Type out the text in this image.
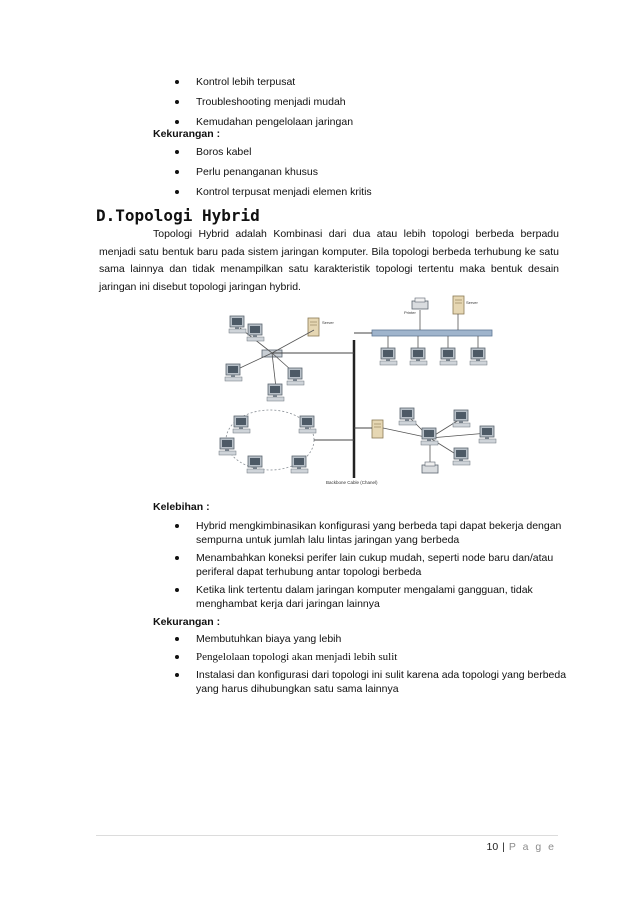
Kontrol lebih terpusat
Troubleshooting menjadi mudah
Kemudahan pengelolaan jaringan
Kekurangan :
Boros kabel
Perlu penanganan khusus
Kontrol terpusat menjadi elemen kritis
D.Topologi Hybrid
Topologi Hybrid adalah Kombinasi dari dua atau lebih topologi berbeda berpadu menjadi satu bentuk baru pada sistem jaringan komputer. Bila topologi berbeda terhubung ke satu sama lainnya dan tidak menampilkan satu karakteristik topologi tertentu maka bentuk desain jaringan ini disebut topologi jaringan hybrid.
Backbone Cable (Chanel)
Printer
Server
Server
Kelebihan :
Hybrid mengkimbinasikan konfigurasi yang berbeda tapi dapat bekerja dengan sempurna untuk jumlah lalu lintas jaringan yang berbeda
Menambahkan koneksi perifer lain cukup mudah, seperti node baru dan/atau periferal dapat terhubung antar topologi berbeda
Ketika link tertentu dalam jaringan komputer mengalami gangguan, tidak menghambat kerja dari jaringan lainnya
Kekurangan :
Membutuhkan biaya yang lebih
Pengelolaan topologi akan menjadi lebih sulit
Instalasi dan konfigurasi dari topologi ini sulit karena ada topologi yang berbeda yang harus dihubungkan satu sama lainnya
10 | P a g e
